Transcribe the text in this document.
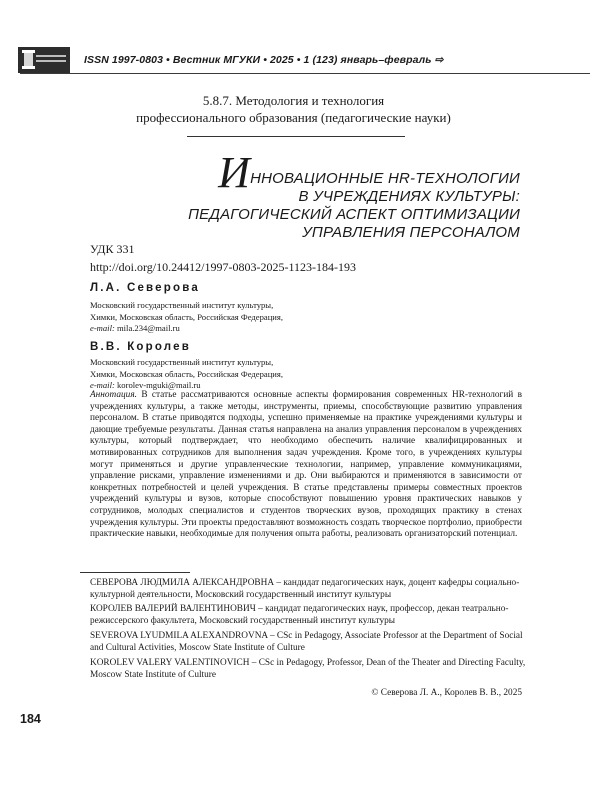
ISSN 1997-0803 • Вестник МГУКИ • 2025 • 1 (123) январь–февраль ⇨
5.8.7. Методология и технология
профессионального образования (педагогические науки)
ИННОВАЦИОННЫЕ HR-ТЕХНОЛОГИИ
В УЧРЕЖДЕНИЯХ КУЛЬТУРЫ:
ПЕДАГОГИЧЕСКИЙ АСПЕКТ ОПТИМИЗАЦИИ
УПРАВЛЕНИЯ ПЕРСОНАЛОМ
УДК 331
http://doi.org/10.24412/1997-0803-2025-1123-184-193
Л.А. Северова
Московский государственный институт культуры,
Химки, Московская область, Российская Федерация,
e-mail: mila.234@mail.ru
В.В. Королев
Московский государственный институт культуры,
Химки, Московская область, Российская Федерация,
e-mail: korolev-mguki@mail.ru
Аннотация. В статье рассматриваются основные аспекты формирования современных HR-технологий в учреждениях культуры, а также методы, инструменты, приемы, способствующие развитию управления персоналом. В статье приводятся подходы, успешно применяемые на практике учреждениями культуры и дающие требуемые результаты. Данная статья направлена на анализ управления персоналом в учреждениях культуры, который подтверждает, что необходимо обеспечить наличие квалифицированных и мотивированных сотрудников для выполнения задач учреждения. Кроме того, в учреждениях культуры могут применяться и другие управленческие технологии, например, управление коммуникациями, управление рисками, управление изменениями и др. Они выбираются и применяются в зависимости от конкретных потребностей и целей учреждения. В статье представлены примеры совместных проектов учреждений культуры и вузов, которые способствуют повышению уровня практических навыков у сотрудников, молодых специалистов и студентов творческих вузов, проходящих практику в стенах учреждения культуры. Эти проекты предоставляют возможность создать творческое портфолио, приобрести практические навыки, необходимые для получения опыта работы, реализовать организаторский потенциал.
СЕВЕРОВА ЛЮДМИЛА АЛЕКСАНДРОВНА – кандидат педагогических наук, доцент кафедры социально-культурной деятельности, Московский государственный институт культуры
КОРОЛЕВ ВАЛЕРИЙ ВАЛЕНТИНОВИЧ – кандидат педагогических наук, профессор, декан театрально-режиссерского факультета, Московский государственный институт культуры
SEVEROVA LYUDMILA ALEXANDROVNA – CSc in Pedagogy, Associate Professor at the Department of Social and Cultural Activities, Moscow State Institute of Culture
KOROLEV VALERY VALENTINOVICH – CSc in Pedagogy, Professor, Dean of the Theater and Directing Faculty, Moscow State Institute of Culture
© Северова Л. А., Королев В. В., 2025
184
